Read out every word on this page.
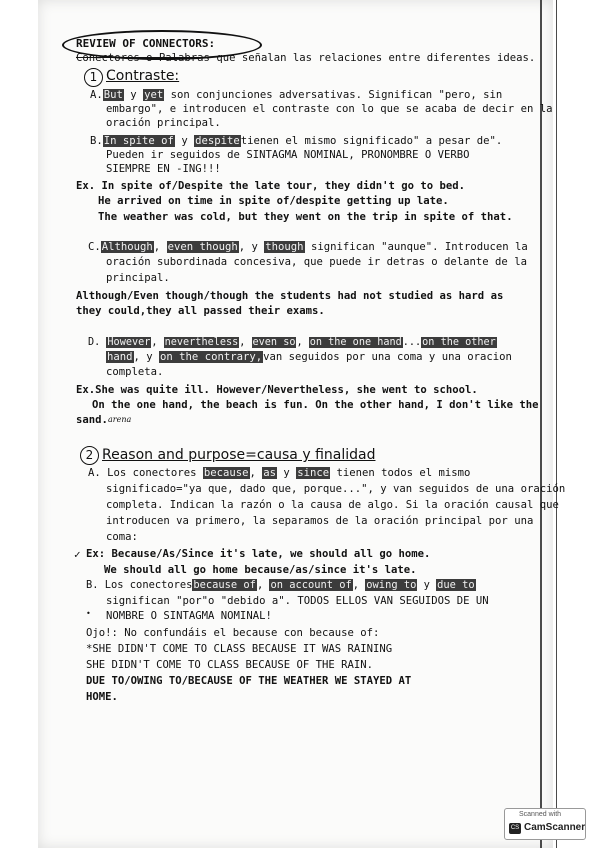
REVIEW OF CONNECTORS:
Conectores o Palabras que señalan las relaciones entre diferentes ideas.
1 Contraste:
A.But y yet son conjunciones adversativas. Significan "pero, sin
embargo", e introducen el contraste con lo que se acaba de decir en la
oración principal.
B.In spite of y despitetienen el mismo significado" a pesar de".
Pueden ir seguidos de SINTAGMA NOMINAL, PRONOMBRE O VERBO
SIEMPRE EN -ING!!!
Ex. In spite of/Despite the late tour, they didn't go to bed.
He arrived on time in spite of/despite getting up late.
The weather was cold, but they went on the trip in spite of that.
C.Although, even though, y though significan "aunque". Introducen la
oración subordinada concesiva, que puede ir detras o delante de la
principal.
Although/Even though/though the students had not studied as hard as
they could,they all passed their exams.
D. However, nevertheless, even so, on the one hand...on the other
hand, y on the contrary,van seguidos por una coma y una oracion
completa.
Ex.She was quite ill. However/Nevertheless, she went to school.
On the one hand, the beach is fun. On the other hand, I don't like the
sand. arena
2 Reason and purpose=causa y finalidad
A. Los conectores because, as y since tienen todos el mismo
significado="ya que, dado que, porque...", y van seguidos de una oración
completa. Indican la razón o la causa de algo. Si la oración causal que
introducen va primero, la separamos de la oración principal por una
coma:
✓ Ex: Because/As/Since it's late, we should all go home.
We should all go home because/as/since it's late.
B. Los conectoresbecause of, on account of, owing to y due to
significan "por"o "debido a". TODOS ELLOS VAN SEGUIDOS DE UN
• NOMBRE O SINTAGMA NOMINAL!
Ojo!: No confundáis el because con because of:
*SHE DIDN'T COME TO CLASS BECAUSE IT WAS RAINING
SHE DIDN'T COME TO CLASS BECAUSE OF THE RAIN.
DUE TO/OWING TO/BECAUSE OF THE WEATHER WE STAYED AT
HOME.
Scanned with
CS CamScanner
